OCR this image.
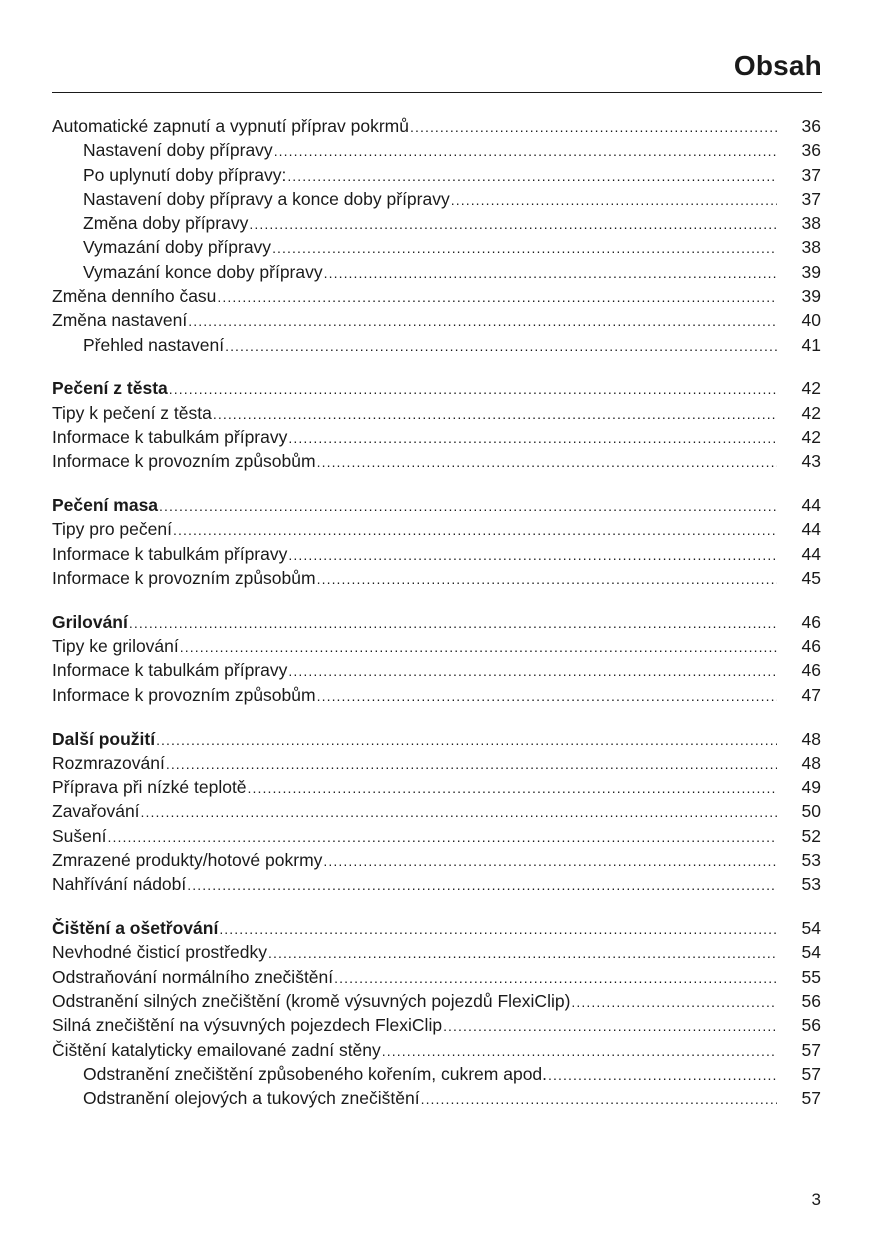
Obsah
Automatické zapnutí a vypnutí příprav pokrmů .....	36
Nastavení doby přípravy .....	36
Po uplynutí doby přípravy: .....	37
Nastavení doby přípravy a konce doby přípravy .....	37
Změna doby přípravy .....	38
Vymazání doby přípravy .....	38
Vymazání konce doby přípravy .....	39
Změna denního času .....	39
Změna nastavení .....	40
Přehled nastavení .....	41
Pečení z těsta .....	42
Tipy k pečení z těsta .....	42
Informace k tabulkám přípravy .....	42
Informace k provozním způsobům .....	43
Pečení masa .....	44
Tipy pro pečení .....	44
Informace k tabulkám přípravy .....	44
Informace k provozním způsobům .....	45
Grilování .....	46
Tipy ke grilování .....	46
Informace k tabulkám přípravy .....	46
Informace k provozním způsobům .....	47
Další použití .....	48
Rozmrazování .....	48
Příprava při nízké teplotě .....	49
Zavařování .....	50
Sušení .....	52
Zmrazené produkty/hotové pokrmy .....	53
Nahřívání nádobí .....	53
Čištění a ošetřování .....	54
Nevhodné čisticí prostředky .....	54
Odstraňování normálního znečištění .....	55
Odstranění silných znečištění (kromě výsuvných pojezdů FlexiClip) .....	56
Silná znečištění na výsuvných pojezdech FlexiClip .....	56
Čištění katalyticky emailované zadní stěny .....	57
Odstranění znečištění způsobeného kořením, cukrem apod. .....	57
Odstranění olejových a tukových znečištění .....	57
3
